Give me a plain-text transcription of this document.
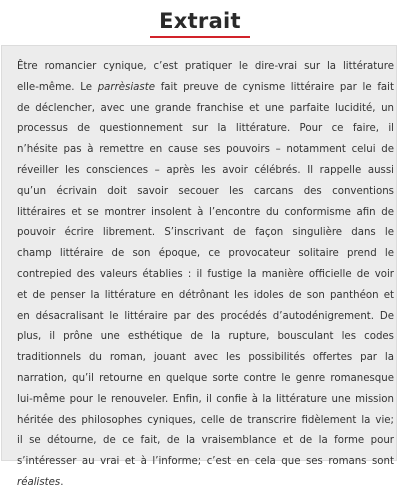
Extrait

Être romancier cynique, c’est pratiquer le dire-vrai sur la littérature
elle-même. Le parrèsiaste fait preuve de cynisme littéraire par le fait
de déclencher, avec une grande franchise et une parfaite lucidité, un
processus de questionnement sur la littérature. Pour ce faire, il
n’hésite pas à remettre en cause ses pouvoirs – notamment celui de
réveiller les consciences – après les avoir célébrés. Il rappelle aussi
qu’un écrivain doit savoir secouer les carcans des conventions
littéraires et se montrer insolent à l’encontre du conformisme afin de
pouvoir écrire librement. S’inscrivant de façon singulière dans le
champ littéraire de son époque, ce provocateur solitaire prend le
contrepied des valeurs établies : il fustige la manière officielle de voir
et de penser la littérature en détrônant les idoles de son panthéon et
en désacralisant le littéraire par des procédés d’autodénigrement. De
plus, il prône une esthétique de la rupture, bousculant les codes
traditionnels du roman, jouant avec les possibilités offertes par la
narration, qu’il retourne en quelque sorte contre le genre romanesque
lui-même pour le renouveler. Enfin, il confie à la littérature une mission
héritée des philosophes cyniques, celle de transcrire fidèlement la vie;
il se détourne, de ce fait, de la vraisemblance et de la forme pour
s’intéresser au vrai et à l’informe; c’est en cela que ses romans sont
réalistes.
